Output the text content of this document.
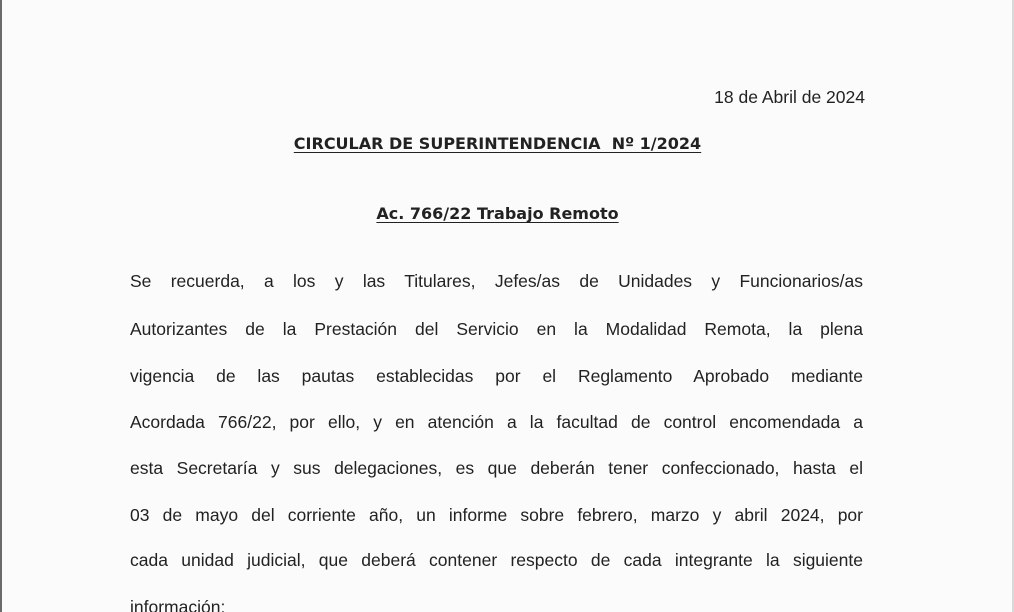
18 de Abril de 2024
CIRCULAR DE SUPERINTENDENCIA  Nº 1/2024
Ac. 766/22 Trabajo Remoto
Se recuerda, a los y las Titulares, Jefes/as de Unidades y Funcionarios/as
Autorizantes de la Prestación del Servicio en la Modalidad Remota, la plena
vigencia de las pautas establecidas por el Reglamento Aprobado mediante
Acordada 766/22, por ello, y en atención a la facultad de control encomendada a
esta Secretaría y sus delegaciones, es que deberán tener confeccionado, hasta el
03 de mayo del corriente año, un informe sobre febrero, marzo y abril 2024, por
cada unidad judicial, que deberá contener respecto de cada integrante la siguiente
información:
